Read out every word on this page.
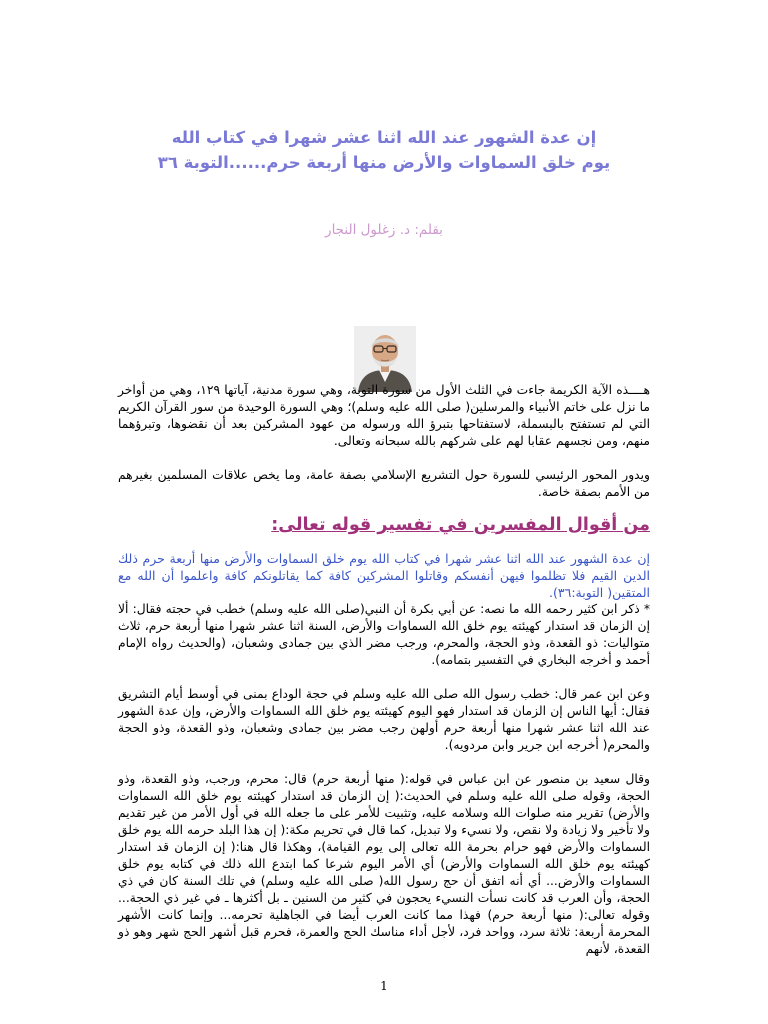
إن عدة الشهور عند الله اثنا عشر شهرا في كتاب الله
يوم خلق السماوات والأرض منها أربعة حرم......التوبة ٣٦
بقلم: د. زغلول النجار

هــــذه الآية الكريمة جاءت في الثلث الأول من سورة التوبة، وهي سورة مدنية، آياتها ١٢٩، وهي من أواخر ما نزل على خاتم الأنبياء والمرسلين( صلى الله عليه وسلم)؛ وهي السورة الوحيدة من سور القرآن الكريم التي لم تستفتح بالبسملة، لاستفتاحها بتبرؤ الله ورسوله من عهود المشركين بعد أن نقضوها، وتبرؤهما منهم، ومن نجسهم عقابا لهم على شركهم بالله سبحانه وتعالى.

ويدور المحور الرئيسي للسورة حول التشريع الإسلامي بصفة عامة، وما يخص علاقات المسلمين بغيرهم من الأمم بصفة خاصة.

من أقوال المفسرين في تفسير قوله تعالى:

إن عدة الشهور عند الله اثنا عشر شهرا في كتاب الله يوم خلق السماوات والأرض منها أربعة حرم ذلك الدين القيم فلا تظلموا فيهن أنفسكم وقاتلوا المشركين كافة كما يقاتلونكم كافة واعلموا أن الله مع المتقين( التوبة:٣٦).

* ذكر ابن كثير رحمه الله ما نصه: عن أبي بكرة أن النبي(صلى الله عليه وسلم) خطب في حجته فقال: ألا إن الزمان قد استدار كهيئته يوم خلق الله السماوات والأرض، السنة اثنا عشر شهرا منها أربعة حرم، ثلاث متواليات: ذو القعدة، وذو الحجة، والمحرم، ورجب مضر الذي بين جمادى وشعبان، (والحديث رواه الإمام أحمد و أخرجه البخاري في التفسير بتمامه).

وعن ابن عمر قال: خطب رسول الله صلى الله عليه وسلم في حجة الوداع بمنى في أوسط أيام التشريق فقال: أيها الناس إن الزمان قد استدار فهو اليوم كهيئته يوم خلق الله السماوات والأرض، وإن عدة الشهور عند الله اثنا عشر شهرا منها أربعة حرم أولهن رجب مضر بين جمادى وشعبان، وذو القعدة، وذو الحجة والمحرم( أخرجه ابن جرير وابن مردويه).

وقال سعيد بن منصور عن ابن عباس في قوله:( منها أربعة حرم) قال: محرم، ورجب، وذو القعدة، وذو الحجة، وقوله صلى الله عليه وسلم في الحديث:( إن الزمان قد استدار كهيئته يوم خلق الله السماوات والأرض) تقرير منه صلوات الله وسلامه عليه، وتثبيت للأمر على ما جعله الله في أول الأمر من غير تقديم ولا تأخير ولا زيادة ولا نقص، ولا نسيء ولا تبديل، كما قال في تحريم مكة:( إن هذا البلد حرمه الله يوم خلق السماوات والأرض فهو حرام بحرمة الله تعالى إلى يوم القيامة)، وهكذا قال هنا:( إن الزمان قد استدار كهيئته يوم خلق الله السماوات والأرض) أي الأمر اليوم شرعا كما ابتدع الله ذلك في كتابه يوم خلق السماوات والأرض... أي أنه اتفق أن حج رسول الله( صلى الله عليه وسلم) في تلك السنة كان في ذي الحجة، وأن العرب قد كانت نسأت النسيء يحجون في كثير من السنين ـ بل أكثرها ـ في غير ذي الحجة... وقوله تعالى:( منها أربعة حرم) فهذا مما كانت العرب أيضا في الجاهلية تحرمه... وإنما كانت الأشهر المحرمة أربعة: ثلاثة سرد، وواحد فرد، لأجل أداء مناسك الحج والعمرة، فحرم قبل أشهر الحج شهر وهو ذو القعدة، لأنهم

1
